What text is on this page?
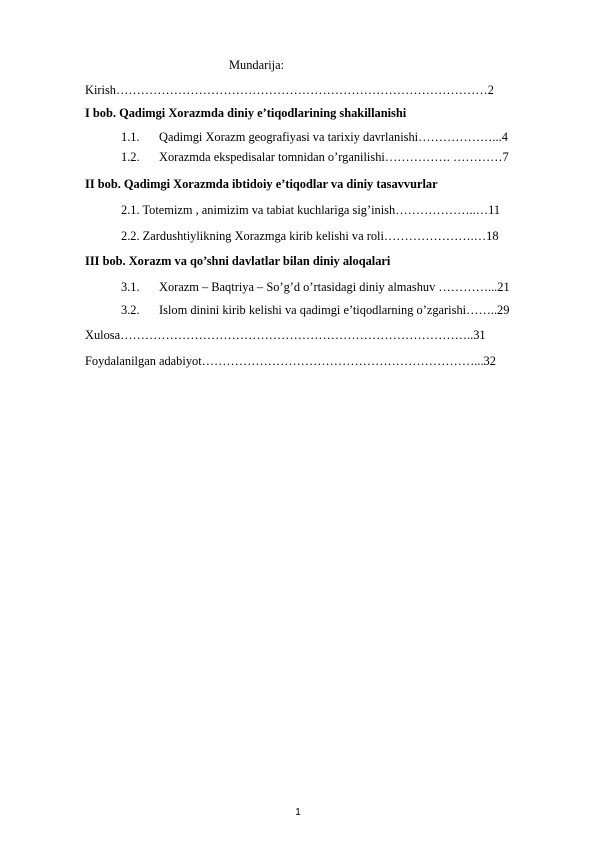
Mundarija:
Kirish………………………………………………………………………………2
I bob. Qadimgi Xorazmda diniy e’tiqodlarining shakillanishi
1.1. Qadimgi Xorazm geografiyasi va tarixiy davrlanishi………………...4
1.2. Xorazmda ekspedisalar tomnidan o’rganilishi……………. …………7
II bob. Qadimgi Xorazmda ibtidoiy e’tiqodlar va diniy tasavvurlar
2.1. Totemizm , animizim va tabiat kuchlariga sig’inish………………..…11
2.2. Zardushtiylikning Xorazmga kirib kelishi va roli………………….…18
III bob. Xorazm va qo’shni davlatlar bilan diniy aloqalari
3.1. Xorazm – Baqtriya – So’g’d o’rtasidagi diniy almashuv …………...21
3.2. Islom dinini kirib kelishi va qadimgi e’tiqodlarning o’zgarishi……..29
Xulosa…………………………………………………………………………..31
Foydalanilgan adabiyot…………………………………………………………...32
1
